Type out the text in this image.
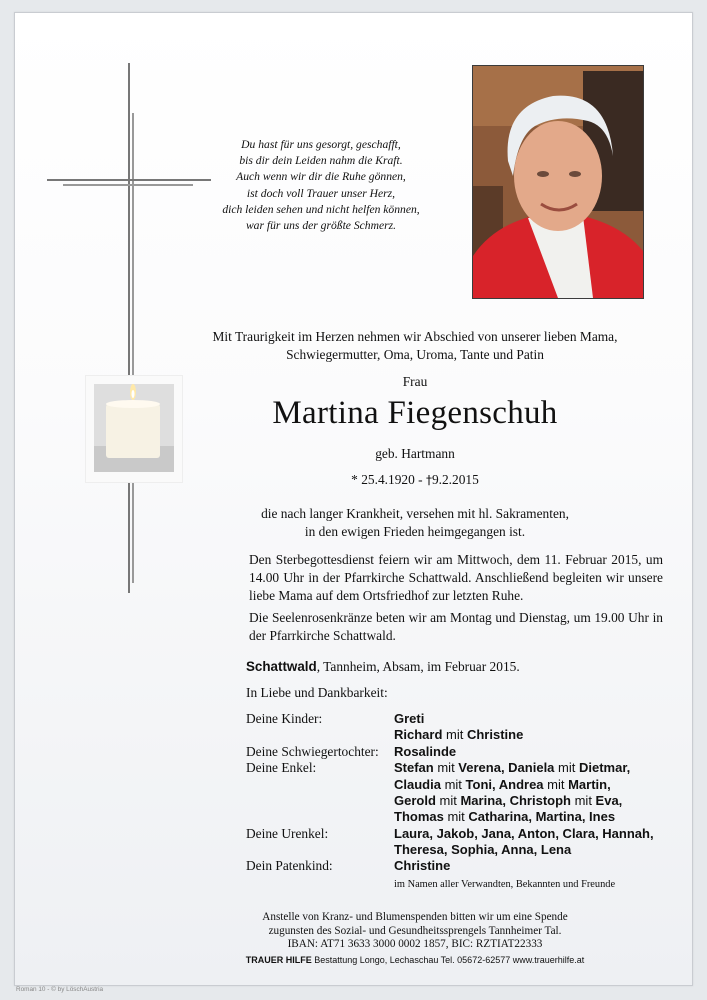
Du hast für uns gesorgt, geschafft,
bis dir dein Leiden nahm die Kraft.
Auch wenn wir dir die Ruhe gönnen,
ist doch voll Trauer unser Herz,
dich leiden sehen und nicht helfen können,
war für uns der größte Schmerz.
Mit Traurigkeit im Herzen nehmen wir Abschied von unserer lieben Mama,
Schwiegermutter, Oma, Uroma, Tante und Patin
Frau
Martina Fiegenschuh
geb. Hartmann
* 25.4.1920 - †9.2.2015
die nach langer Krankheit, versehen mit hl. Sakramenten,
in den ewigen Frieden heimgegangen ist.
Den Sterbegottesdienst feiern wir am Mittwoch, dem 11. Februar 2015, um 14.00 Uhr in der Pfarrkirche Schattwald. Anschließend begleiten wir unsere liebe Mama auf dem Ortsfriedhof zur letzten Ruhe.
Die Seelenrosenkränze beten wir am Montag und Dienstag, um 19.00 Uhr in der Pfarrkirche Schattwald.
Schattwald, Tannheim, Absam, im Februar 2015.
In Liebe und Dankbarkeit:
Deine Kinder:	Greti
Richard mit Christine
Deine Schwiegertochter: Rosalinde
Deine Enkel:	Stefan mit Verena, Daniela mit Dietmar,
Claudia mit Toni, Andrea mit Martin,
Gerold mit Marina, Christoph mit Eva,
Thomas mit Catharina, Martina, Ines
Deine Urenkel:	Laura, Jakob, Jana, Anton, Clara, Hannah,
Theresa, Sophia, Anna, Lena
Dein Patenkind:	Christine
im Namen aller Verwandten, Bekannten und Freunde
Anstelle von Kranz- und Blumenspenden bitten wir um eine Spende
zugunsten des Sozial- und Gesundheitssprengels Tannheimer Tal.
IBAN: AT71 3633 3000 0002 1857, BIC: RZTIAT22333
TRAUER HILFE Bestattung Longo, Lechaschau Tel. 05672-62577 www.trauerhilfe.at
Roman 10 - © by LöschAustria
